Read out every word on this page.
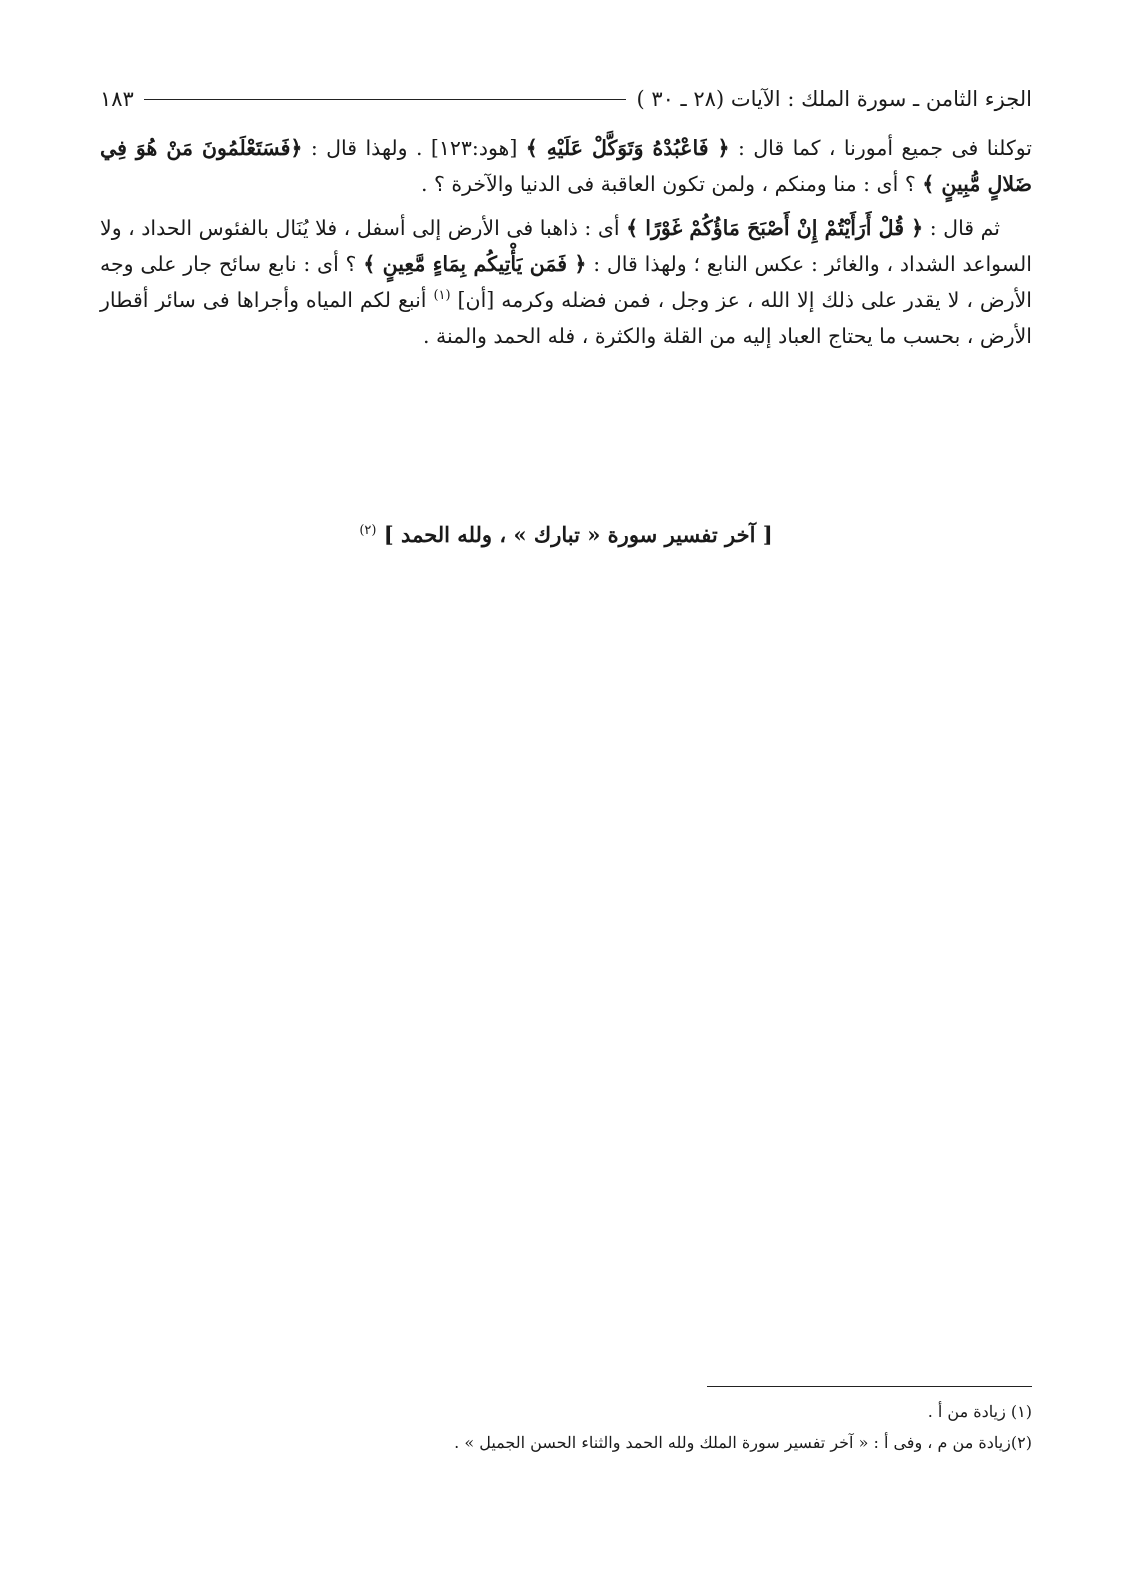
الجزء الثامن ـ سورة الملك : الآيات (٢٨ ـ ٣٠ )
١٨٣

توكلنا فى جميع أمورنا ، كما قال : ﴿ فَاعْبُدْهُ وَتَوَكَّلْ عَلَيْهِ ﴾ [هود:١٢٣] . ولهذا قال : ﴿فَسَتَعْلَمُونَ مَنْ هُوَ فِي ضَلالٍ مُّبِينٍ ﴾ ؟ أى : منا ومنكم ، ولمن تكون العاقبة فى الدنيا والآخرة ؟ .

ثم قال : ﴿ قُلْ أَرَأَيْتُمْ إِنْ أَصْبَحَ مَاؤُكُمْ غَوْرًا ﴾ أى : ذاهبا فى الأرض إلى أسفل ، فلا يُنَال بالفئوس الحداد ، ولا السواعد الشداد ، والغائر : عكس النابع ؛ ولهذا قال : ﴿ فَمَن يَأْتِيكُم بِمَاءٍ مَّعِينٍ ﴾ ؟ أى : نابع سائح جار على وجه الأرض ، لا يقدر على ذلك إلا الله ، عز وجل ، فمن فضله وكرمه [أن] $^{(١)}$ أنبع لكم المياه وأجراها فى سائر أقطار الأرض ، بحسب ما يحتاج العباد إليه من القلة والكثرة ، فله الحمد والمنة .

[ آخر تفسير سورة « تبارك » ، ولله الحمد ] $^{(٢)}$
(١) زيادة من أ .
(٢)زيادة من م ، وفى أ : « آخر تفسير سورة الملك ولله الحمد والثناء الحسن الجميل » .
